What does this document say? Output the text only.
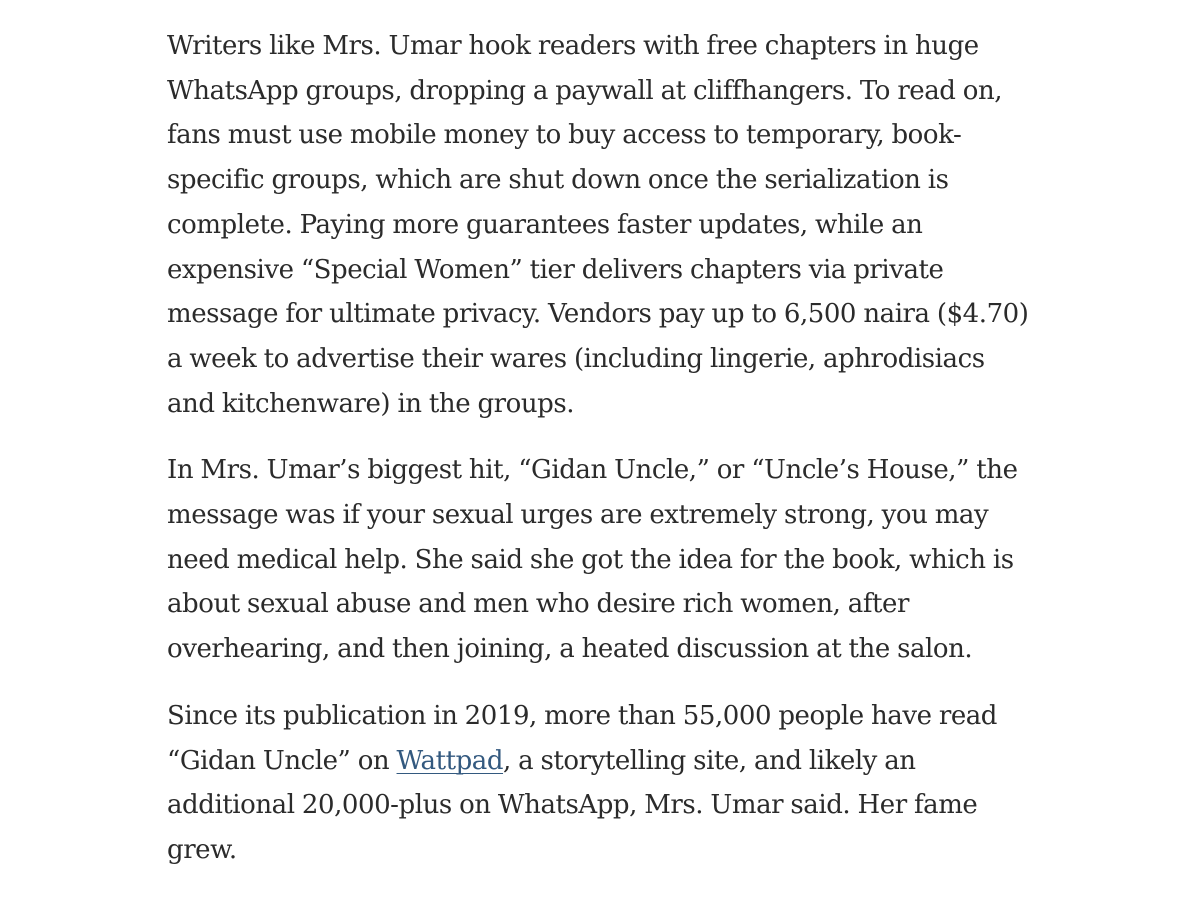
Writers like Mrs. Umar hook readers with free chapters in huge
WhatsApp groups, dropping a paywall at cliffhangers. To read on,
fans must use mobile money to buy access to temporary, book-
specific groups, which are shut down once the serialization is
complete. Paying more guarantees faster updates, while an
expensive “Special Women” tier delivers chapters via private
message for ultimate privacy. Vendors pay up to 6,500 naira ($4.70)
a week to advertise their wares (including lingerie, aphrodisiacs
and kitchenware) in the groups.

In Mrs. Umar’s biggest hit, “Gidan Uncle,” or “Uncle’s House,” the
message was if your sexual urges are extremely strong, you may
need medical help. She said she got the idea for the book, which is
about sexual abuse and men who desire rich women, after
overhearing, and then joining, a heated discussion at the salon.

Since its publication in 2019, more than 55,000 people have read
“Gidan Uncle” on Wattpad, a storytelling site, and likely an
additional 20,000-plus on WhatsApp, Mrs. Umar said. Her fame
grew.
